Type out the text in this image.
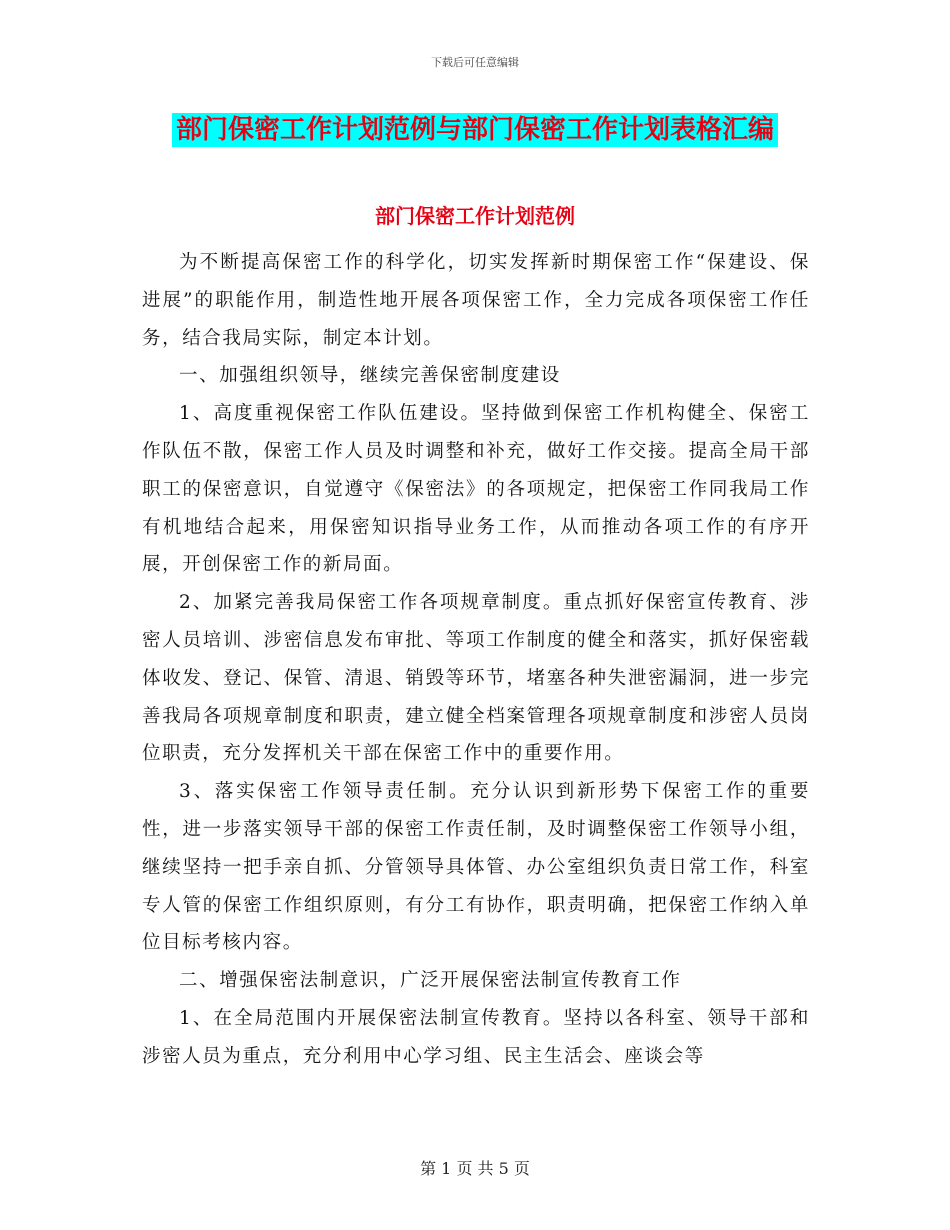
下载后可任意编辑
部门保密工作计划范例与部门保密工作计划表格汇编
部门保密工作计划范例

为不断提高保密工作的科学化，切实发挥新时期保密工作“保建设、保进展”的职能作用，制造性地开展各项保密工作，全力完成各项保密工作任务，结合我局实际，制定本计划。

一、加强组织领导，继续完善保密制度建设

1、高度重视保密工作队伍建设。坚持做到保密工作机构健全、保密工作队伍不散，保密工作人员及时调整和补充，做好工作交接。提高全局干部职工的保密意识，自觉遵守《保密法》的各项规定，把保密工作同我局工作有机地结合起来，用保密知识指导业务工作，从而推动各项工作的有序开展，开创保密工作的新局面。

2、加紧完善我局保密工作各项规章制度。重点抓好保密宣传教育、涉密人员培训、涉密信息发布审批、等项工作制度的健全和落实，抓好保密载体收发、登记、保管、清退、销毁等环节，堵塞各种失泄密漏洞，进一步完善我局各项规章制度和职责，建立健全档案管理各项规章制度和涉密人员岗位职责，充分发挥机关干部在保密工作中的重要作用。

3、落实保密工作领导责任制。充分认识到新形势下保密工作的重要性，进一步落实领导干部的保密工作责任制，及时调整保密工作领导小组，继续坚持一把手亲自抓、分管领导具体管、办公室组织负责日常工作，科室专人管的保密工作组织原则，有分工有协作，职责明确，把保密工作纳入单位目标考核内容。

二、增强保密法制意识，广泛开展保密法制宣传教育工作

1、在全局范围内开展保密法制宣传教育。坚持以各科室、领导干部和涉密人员为重点，充分利用中心学习组、民主生活会、座谈会等

第 1 页 共 5 页
